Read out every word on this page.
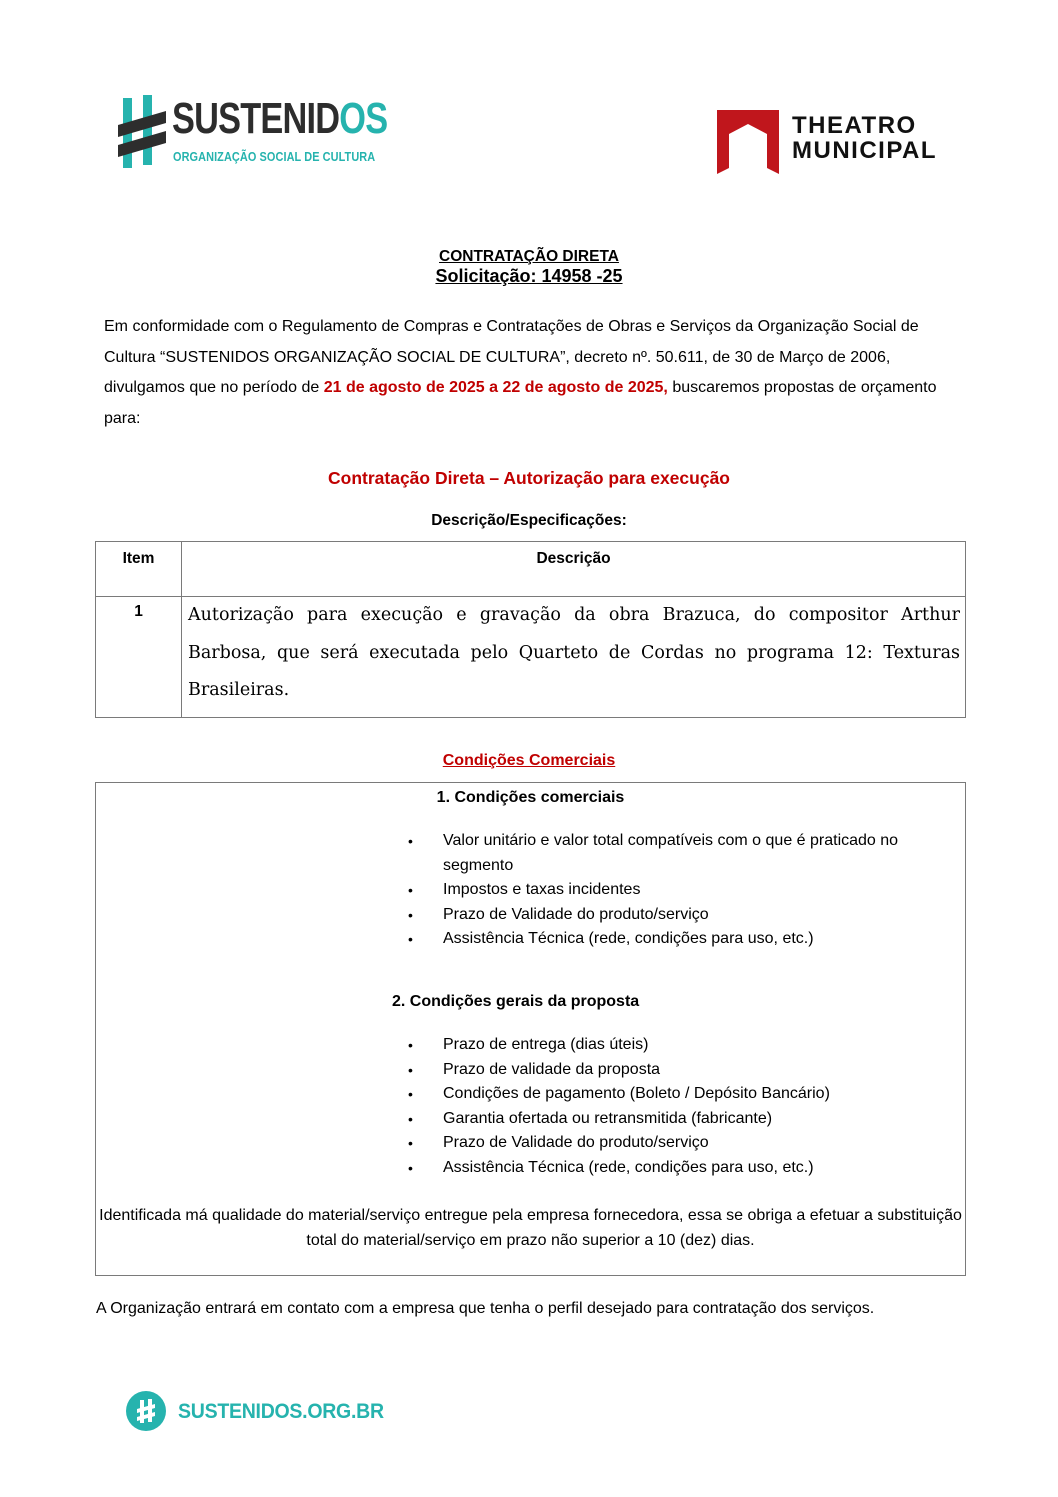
SUSTENIDOS
ORGANIZAÇÃO SOCIAL DE CULTURA
THEATRO
MUNICIPAL
CONTRATAÇÃO DIRETA
Solicitação: 14958 -25

Em conformidade com o Regulamento de Compras e Contratações de Obras e Serviços da Organização Social de Cultura “SUSTENIDOS ORGANIZAÇÃO SOCIAL DE CULTURA”, decreto nº. 50.611, de 30 de Março de 2006, divulgamos que no período de 21 de agosto de 2025 a 22 de agosto de 2025, buscaremos propostas de orçamento para:

Contratação Direta – Autorização para execução
Descrição/Especificações:
Item	Descrição
1	Autorização para execução e gravação da obra Brazuca, do compositor Arthur Barbosa, que será executada pelo Quarteto de Cordas no programa 12: Texturas Brasileiras.
Condições Comerciais
1. Condições comerciais
• Valor unitário e valor total compatíveis com o que é praticado no segmento
• Impostos e taxas incidentes
• Prazo de Validade do produto/serviço
• Assistência Técnica (rede, condições para uso, etc.)
2. Condições gerais da proposta
• Prazo de entrega (dias úteis)
• Prazo de validade da proposta
• Condições de pagamento (Boleto / Depósito Bancário)
• Garantia ofertada ou retransmitida (fabricante)
• Prazo de Validade do produto/serviço
• Assistência Técnica (rede, condições para uso, etc.)
Identificada má qualidade do material/serviço entregue pela empresa fornecedora, essa se obriga a efetuar a substituição total do material/serviço em prazo não superior a 10 (dez) dias.
A Organização entrará em contato com a empresa que tenha o perfil desejado para contratação dos serviços.
SUSTENIDOS.ORG.BR
